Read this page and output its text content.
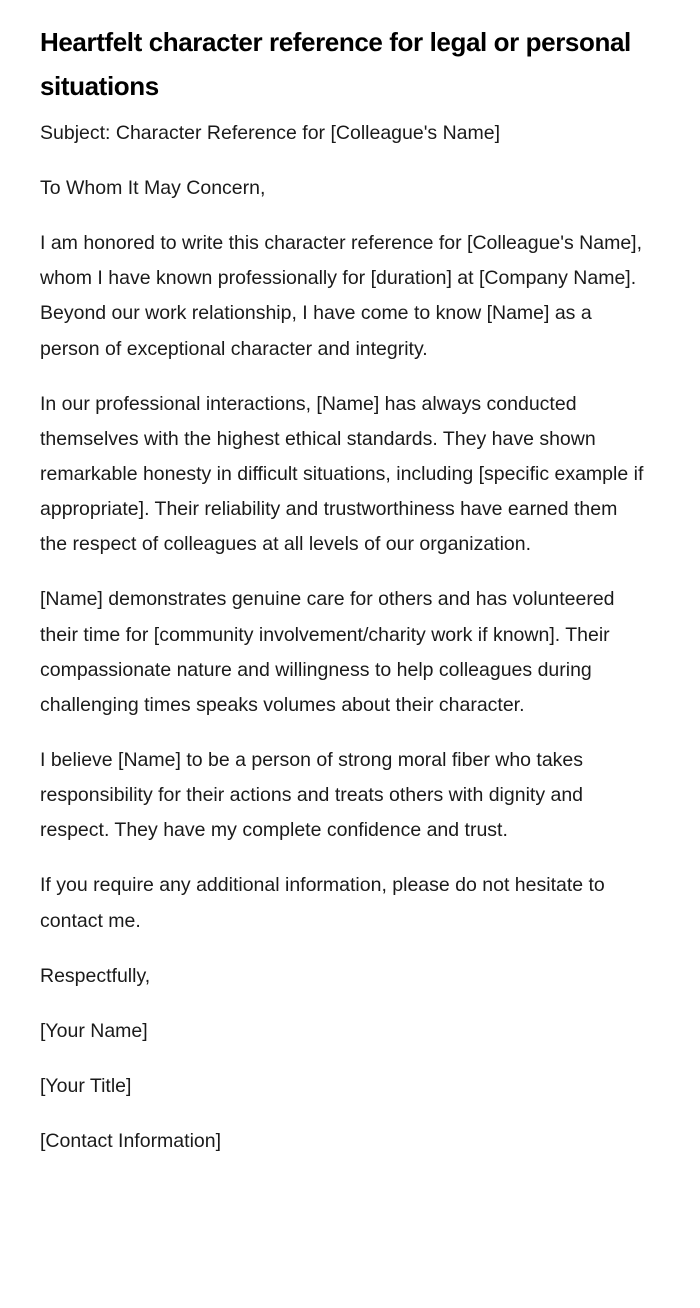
Heartfelt character reference for legal or personal situations

Subject: Character Reference for [Colleague's Name]

To Whom It May Concern,

I am honored to write this character reference for [Colleague's Name], whom I have known professionally for [duration] at [Company Name]. Beyond our work relationship, I have come to know [Name] as a person of exceptional character and integrity.

In our professional interactions, [Name] has always conducted themselves with the highest ethical standards. They have shown remarkable honesty in difficult situations, including [specific example if appropriate]. Their reliability and trustworthiness have earned them the respect of colleagues at all levels of our organization.

[Name] demonstrates genuine care for others and has volunteered their time for [community involvement/charity work if known]. Their compassionate nature and willingness to help colleagues during challenging times speaks volumes about their character.

I believe [Name] to be a person of strong moral fiber who takes responsibility for their actions and treats others with dignity and respect. They have my complete confidence and trust.

If you require any additional information, please do not hesitate to contact me.

Respectfully,

[Your Name]

[Your Title]

[Contact Information]
